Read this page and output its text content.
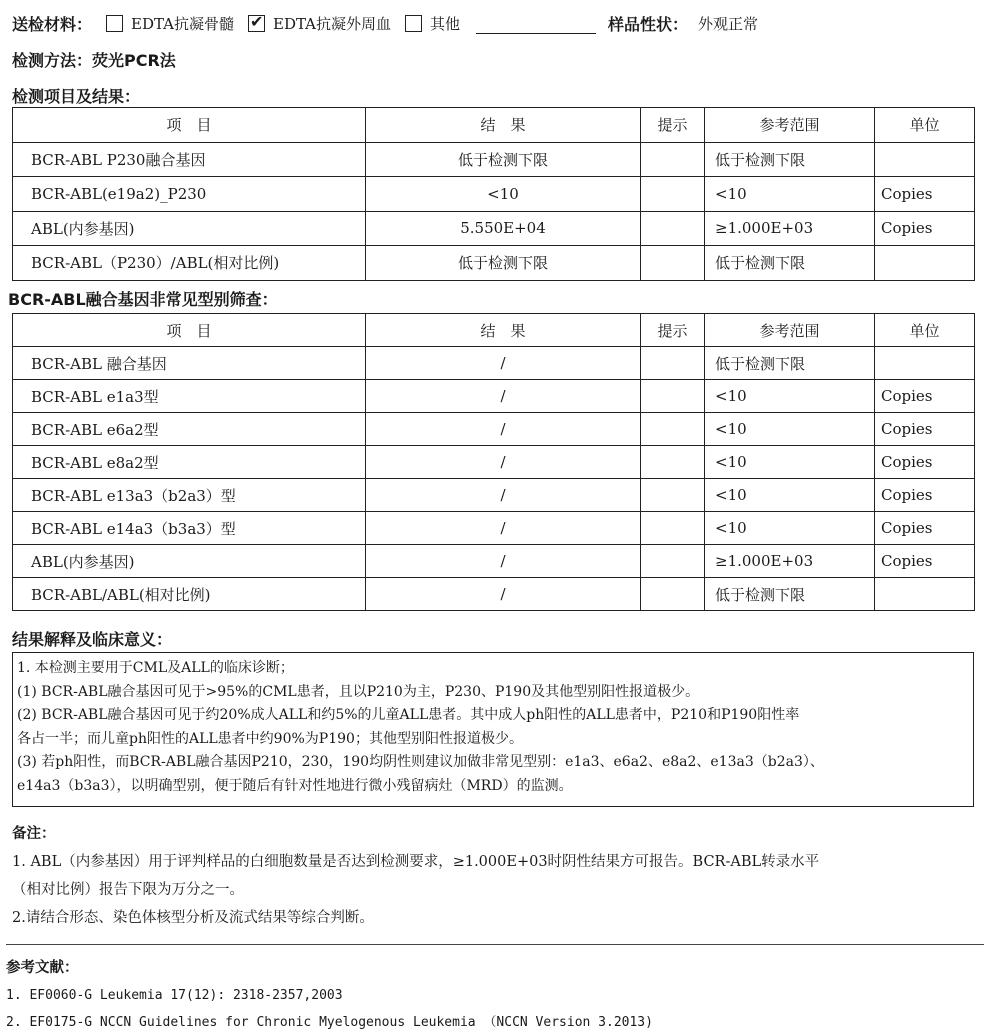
送检材料：	EDTA抗凝骨髓 ✔	EDTA抗凝外周血	其他	样品性状： 外观正常
检测方法：荧光PCR法
检测项目及结果：
项　目	结　果	提示	参考范围	单位
BCR-ABL P230融合基因	低于检测下限		低于检测下限	
BCR-ABL(e19a2)_P230	<10		<10	Copies
ABL(内参基因)	5.550E+04		≥1.000E+03	Copies
BCR-ABL（P230）/ABL(相对比例)	低于检测下限		低于检测下限	
BCR-ABL融合基因非常见型别筛查：
项　目	结　果	提示	参考范围	单位
BCR-ABL 融合基因	/		低于检测下限	
BCR-ABL e1a3型	/		<10	Copies
BCR-ABL e6a2型	/		<10	Copies
BCR-ABL e8a2型	/		<10	Copies
BCR-ABL e13a3（b2a3）型	/		<10	Copies
BCR-ABL e14a3（b3a3）型	/		<10	Copies
ABL(内参基因)	/		≥1.000E+03	Copies
BCR-ABL/ABL(相对比例)	/		低于检测下限	
结果解释及临床意义：
1. 本检测主要用于CML及ALL的临床诊断；
(1) BCR-ABL融合基因可见于>95%的CML患者，且以P210为主，P230、P190及其他型别阳性报道极少。
(2) BCR-ABL融合基因可见于约20%成人ALL和约5%的儿童ALL患者。其中成人ph阳性的ALL患者中，P210和P190阳性率
各占一半；而儿童ph阳性的ALL患者中约90%为P190；其他型别阳性报道极少。
(3) 若ph阳性，而BCR-ABL融合基因P210，230，190均阴性则建议加做非常见型别：e1a3、e6a2、e8a2、e13a3（b2a3）、
e14a3（b3a3），以明确型别，便于随后有针对性地进行微小残留病灶（MRD）的监测。
备注：
1. ABL（内参基因）用于评判样品的白细胞数量是否达到检测要求，≥1.000E+03时阴性结果方可报告。BCR-ABL转录水平
（相对比例）报告下限为万分之一。
2.请结合形态、染色体核型分析及流式结果等综合判断。
参考文献：
1. EF0060-G Leukemia 17(12): 2318-2357,2003
2. EF0175-G NCCN Guidelines for Chronic Myelogenous Leukemia （NCCN Version 3.2013)
